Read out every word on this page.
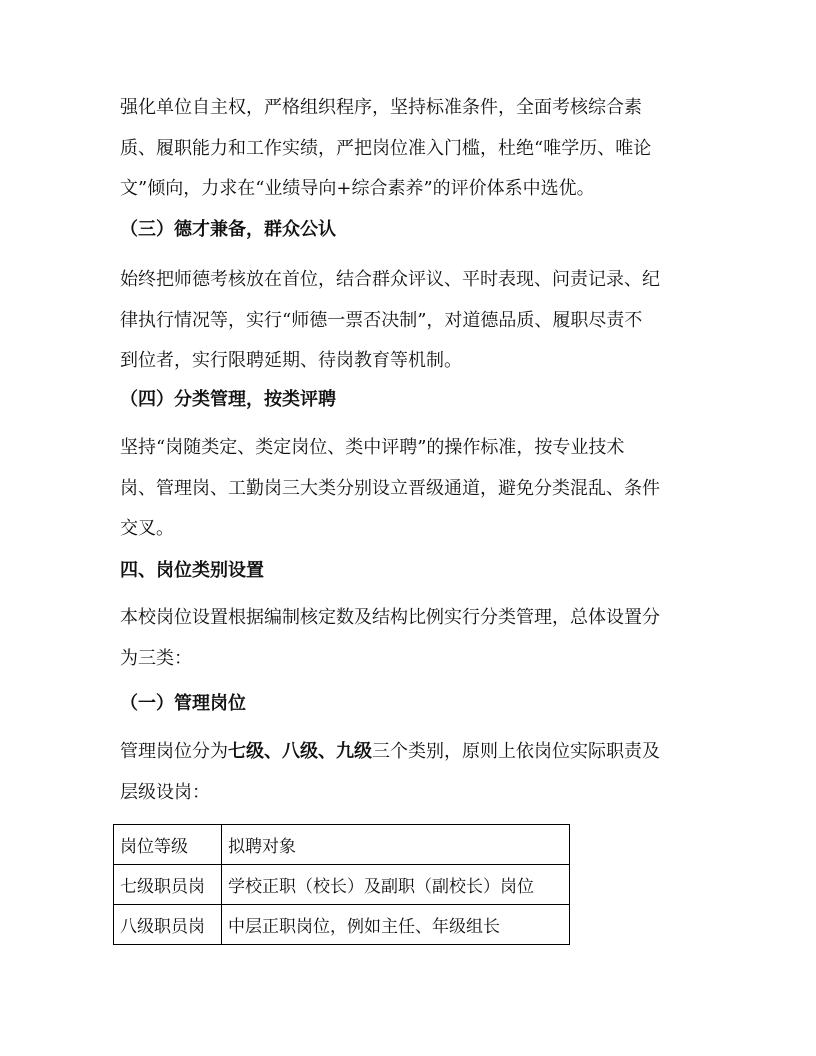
强化单位自主权，严格组织程序，坚持标准条件，全面考核综合素
质、履职能力和工作实绩，严把岗位准入门槛，杜绝“唯学历、唯论
文”倾向，力求在“业绩导向+综合素养”的评价体系中选优。
（三）德才兼备，群众公认
始终把师德考核放在首位，结合群众评议、平时表现、问责记录、纪
律执行情况等，实行“师德一票否决制”，对道德品质、履职尽责不
到位者，实行限聘延期、待岗教育等机制。
（四）分类管理，按类评聘
坚持“岗随类定、类定岗位、类中评聘”的操作标准，按专业技术
岗、管理岗、工勤岗三大类分别设立晋级通道，避免分类混乱、条件
交叉。
四、岗位类别设置
本校岗位设置根据编制核定数及结构比例实行分类管理，总体设置分
为三类：
（一）管理岗位
管理岗位分为七级、八级、九级三个类别，原则上依岗位实际职责及
层级设岗：
岗位等级	拟聘对象
七级职员岗	学校正职（校长）及副职（副校长）岗位
八级职员岗	中层正职岗位，例如主任、年级组长
